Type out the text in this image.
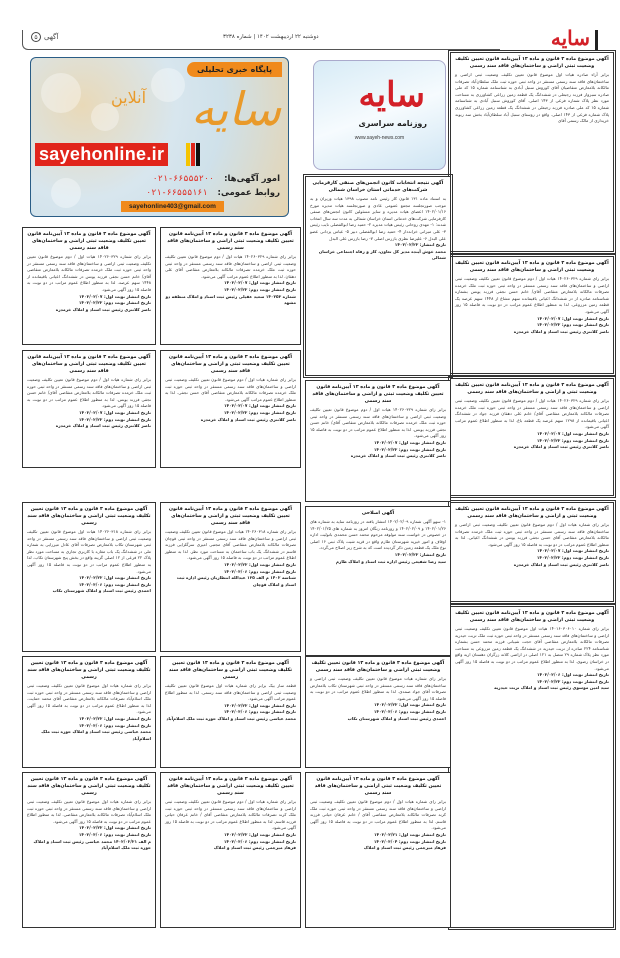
۵ آگهی	دوشنبه ۲۲ اردیبهشت ۱۴۰۲ | شماره ۳۲۳۸	سایه
پایگاه خبری تحلیلی
سایه
آنلاین
sayehonline.ir
امور آگهی‌ها:
۰۲۱-۶۶۵۵۵۲۰۰
روابط عمومی:
۰۲۱-۶۶۵۵۵۱۶۱
sayehonline403@gmail.com
سایه
روزنامه سراسری
www.sayeh-news.com
آگهی موضوع ماده ۳ قانون و ماده ۱۳ آیین‌نامه قانون تعیین تکلیف وضعیت ثبتی اراضی و ساختمان‌های فاقد سند رسمی
برابر آراء صادره هیات اول موضوع قانون تعیین تکلیف وضعیت ثبتی اراضی و ساختمان‌های فاقد سند رسمی مستقر در واحد ثبتی حوزه ثبت ملک سلطان‌آباد تصرفات مالکانه بلامعارض متقاضیان آقای کوروش سنبل آبادی به شناسنامه شماره ۱۵ کد ملی صادره سبزوار فرزند رجبعلی در ششدانگ یک قطعه زمین زراعی کشاورزی به مساحت مورد نظر پلاک شماره فرعی از ۱۴۳ اصلی. آقای کوروش سنبل آبادی به شناسنامه شماره ۱۵ کد ملی صادره فرزند رجبعلی در ششدانگ یک قطعه زمین زراعی کشاورزی پلاک شماره فرعی از ۱۴۳ اصلی. واقع در روستای سنبل آباد سلطان‌آباد بخش سه ریوند خریداری از مالک رسمی آقای
آگهی موضوع ماده ۳ قانون و ماده ۱۳ آیین‌نامه قانون تعیین تکلیف وضعیت ثبتی اراضی و ساختمان‌های فاقد سند رسمی
برابر رای شماره ۱۴۰۲۶۰۳۲۹ هیات اول / دوم موضوع قانون تعیین تکلیف وضعیت ثبتی اراضی و ساختمان‌های فاقد سند رسمی مستقر در واحد ثبتی حوزه ثبت ملک خرمده تصرفات مالکانه بلامعارض متقاضی آقای/ خانم حسن نجفی فرزند یونس بشماره شناسنامه صادره از در ششدانگ اعیانی باقیمانده سهم مشاع از ۱۴۴۸ سهم عرصه یک قطعه زمین مزروعی. لذا به منظور اطلاع عموم مراتب در دو نوبت به فاصله ۱۵ روز آگهی می‌شود.
تاریخ انتشار نوبت اول: ۱۴۰۲/۰۲/۰۷
تاریخ انتشار نوبت دوم: ۱۴۰۲/۰۲/۲۲
ناصر کلانتری رئیس ثبت اسناد و املاک خرمدره
آگهی موضوع ماده ۳ قانون و ماده ۱۳ آیین‌نامه قانون تعیین تکلیف وضعیت ثبتی و اراضی و ساختمان‌های فاقد سند رسمی
برابر رای شماره ۱۴۰۲۶۰۳۲۹ هیات اول / دوم موضوع قانون تعیین تکلیف وضعیت ثبتی اراضی و ساختمان‌های فاقد سند رسمی مستقر در واحد ثبتی حوزه ثبت ملک خرمده تصرفات مالکانه بلامعارض متقاضی آقای/ خانم علی دهقان فرزند جواد در ششدانگ اعیانی باقیمانده از ۱۲۹۸ سهم عرصه یک قطعه باغ. لذا به منظور اطلاع عموم مراتب آگهی می‌شود.
تاریخ انتشار نوبت اول: ۱۴۰۲/۰۲/۰۷
تاریخ انتشار نوبت دوم: ۱۴۰۲/۰۲/۲۲
ناصر کلانتری رئیس ثبت اسناد و املاک خرمدره
آگهی موضوع ماده ۳ قانون و ماده ۱۳ آیین‌نامه قانون تعیین تکلیف وضعیت ثبتی و اراضی و ساختمان‌های فاقد سند رسمی
برابر رای شماره هیات اول / دوم موضوع قانون تعیین تکلیف وضعیت ثبتی اراضی و ساختمان‌های فاقد سند رسمی مستقر در واحد ثبتی حوزه ثبت ملک خرمده تصرفات مالکانه بلامعارض متقاضی آقای حسن نجفی فرزند یونس در ششدانگ اعیانی. لذا به منظور اطلاع عموم مراتب در دو نوبت به فاصله ۱۵ روز آگهی می‌شود.
تاریخ انتشار نوبت اول: ۱۴۰۲/۰۲/۰۷
تاریخ انتشار نوبت دوم: ۱۴۰۲/۰۲/۲۲
ناصر کلانتری رئیس ثبت اسناد و املاک خرمدره
آگهی موضوع ماده ۳ قانون و ماده ۱۳ آیین‌نامه قانون تعیین تکلیف وضعیت ثبتی اراضی و ساختمان‌های فاقد سند رسمی
برابر رای شماره ۱۴۰۱۶۰۳۰۶۰۱۰ هیات اول موضوع قانون تعیین تکلیف وضعیت ثبتی اراضی و ساختمان‌های فاقد سند رسمی مستقر در واحد ثبتی حوزه ثبت ملک تربت حیدریه تصرفات مالکانه بلامعارض متقاضی آقای حجت شیبانی فرزند محمد حسن بشماره شناسنامه ۲۲۴ صادره از تربت حیدریه در ششدانگ یک قطعه زمین مزروعی به مساحت مورد نظر پلاک شماره ۲۹ متصل به ۱۲۱ اصلی در اراضی کلاته زرگران دهستان اریه واقع در خراسان رضوی. لذا به منظور اطلاع عموم مراتب در دو نوبت به فاصله ۱۵ روز آگهی می‌شود.
تاریخ انتشار نوبت اول: ۱۴۰۲/۰۲/۰۶
تاریخ انتشار نوبت دوم: ۱۴۰۲/۰۲/۲۲
سید امین موسوی رئیس ثبت اسناد و املاک تربت حیدریه
آگهی نتیجه انتخابات کانون انجمن‌های صنفی کارفرمایی شرکت‌های خدماتی استان خراسان شمالی
به استناد ماده ۱۳۱ قانون کار رئیس نامه مصوب ۱۳۹۸ هیات وزیران و به موجب صورتجلسه مجمع عمومی عادی و صورتجلسه هیات مدیره مورخ ۱۴۰۲/۰۱/۱۶ اعضای هیات مدیره و سایر مسئولین کانون انجمن‌های صنفی کارفرمایی شرکت‌های خدماتی استان خراسان شمالی به مدت سه سال انتخاب شدند: ۱- مهدی روحانی رئیس هیات مدیره ۲- حمید رضا ابوالفضلی نایب رئیس ۳- علی میرانی خزانه‌دار ۴- حمید رضا ابوالفضلی دبیر ۵- عباس یزدانی عضو علی البدل ۶- علیرضا نظری بازرس اصلی ۷- رضا بازرس علی البدل
تاریخ انتشار: ۱۴۰۲/۰۲/۲۲
محمد خوش آینده مدیر کل تعاون، کار و رفاه اجتماعی خراسان شمالی
آگهی موضوع ماده ۳ قانون و ماده ۱۳ آیین‌نامه قانون تعیین تکلیف وضعیت ثبتی و اراضی و ساختمان‌های فاقد سند رسمی
برابر رای شماره ۱۴۰۲۶۰۳۲۹ هیات اول / دوم موضوع قانون تعیین تکلیف وضعیت ثبتی اراضی و ساختمان‌های فاقد سند رسمی مستقر در واحد ثبتی حوزه ثبت ملک خرمده تصرفات مالکانه بلامعارض متقاضی آقای/ خانم حسن نجفی فرزند یونس. لذا به منظور اطلاع عموم مراتب در دو نوبت به فاصله ۱۵ روز آگهی می‌شود.
تاریخ انتشار نوبت اول: ۱۴۰۲/۰۲/۰۷
تاریخ انتشار نوبت دوم: ۱۴۰۲/۰۲/۲۲
ناصر کلانتری رئیس ثبت اسناد و املاک خرمدره
آگهی اصلاحی
۱- سهو آگهی شماره ۱۴۰۲/۰۲/۰۹ انتشار یافته در روزنامه سایه به شماره های ۱۴۰۲/۰۱/۲۶ و ۱۴۰۲/۰۲/۰۹ و روزنامه زنگان امروز به شماره های ۱۴۰۲/۰۱/۲۵ در خصوص در خواست سند مولوفه مرحوم محمد حسن محمدی باتولیت اداره اوقاف و امور خیریه شهرستان طارم واقع در قریه شیت پلاک ثبتی ۱۶ اصلی نوع ملک یک قطعه زمین ذکر گردیده است که به شرح زیر اصلاح می‌گردد.
تاریخ انتشار: ۱۴۰۲/۰۲/۲۲
سید رضا شفیعی رئیس اداره ثبت اسناد و املاک طارم
آگهی موضوع ماده ۳ قانون و ماده ۱۳ آیین‌نامه قانون تعیین تکلیف وضعیت ثبتی اراضی و ساختمان‌های فاقد سند رسمی
برابر رای شماره ۱۴۰۲۶۰۳۲۹ هیات اول / دوم موضوع قانون تعیین تکلیف وضعیت ثبتی اراضی و ساختمان‌های فاقد سند رسمی مستقر در واحد ثبتی حوزه ثبت ملک خرمده تصرفات مالکانه بلامعارض متقاضی آقای/ خانم حسن نجفی فرزند یونس در ششدانگ اعیانی باقیمانده از ۱۴۴۸ سهم عرصه. لذا به منظور اطلاع عموم مراتب در دو نوبت به فاصله ۱۵ روز آگهی می‌شود.
تاریخ انتشار نوبت اول: ۱۴۰۲/۰۲/۰۷
تاریخ انتشار نوبت دوم: ۱۴۰۲/۰۲/۲۲
ناصر کلانتری رئیس ثبت اسناد و املاک خرمدره
آگهی موضوع ماده ۳ قانون و ماده ۱۳ آیین‌نامه قانون تعیین تکلیف وضعیت ثبتی اراضی و ساختمان‌های فاقد سند رسمی
برابر رای شماره ۱۴۰۲۶۰۳۲۹ هیات اول / دوم موضوع قانون تعیین تکلیف وضعیت ثبتی اراضی و ساختمان‌های فاقد سند رسمی مستقر در واحد ثبتی حوزه ثبت ملک خرمده تصرفات مالکانه بلامعارض متقاضی آقای علی دهقان. لذا به منظور اطلاع عموم مراتب آگهی می‌شود.
تاریخ انتشار نوبت اول: ۱۴۰۲/۰۲/۰۷
تاریخ انتشار نوبت دوم: ۱۴۰۲/۰۲/۲۲
شماره ۱۴۰۲۵۳ سعید عقیلی رئیس ثبت اسناد و املاک منطقه دو مشهد
آگهی موضوع ماده ۳ قانون و ماده ۱۳ آیین‌نامه قانون تعیین تکلیف وضعیت ثبتی اراضی و ساختمان‌های فاقد سند رسمی
برابر رای شماره هیات اول / دوم موضوع قانون تعیین تکلیف وضعیت ثبتی اراضی و ساختمان‌های فاقد سند رسمی مستقر در واحد ثبتی حوزه ثبت ملک خرمده تصرفات مالکانه بلامعارض متقاضی آقای/ خانم حسن نجفی فرزند یونس. لذا به منظور اطلاع عموم مراتب در دو نوبت به فاصله ۱۵ روز آگهی می‌شود.
تاریخ انتشار نوبت اول: ۱۴۰۲/۰۲/۰۷
تاریخ انتشار نوبت دوم: ۱۴۰۲/۰۲/۲۲
ناصر کلانتری رئیس ثبت اسناد و املاک خرمدره
آگهی موضوع ماده ۳ قانون و ماده ۱۳ آیین‌نامه قانون تعیین تکلیف وضعیت ثبتی و اراضی و ساختمان‌های فاقد سند رسمی
برابر رای شماره هیات اول / دوم موضوع قانون تعیین تکلیف وضعیت ثبتی اراضی و ساختمان‌های فاقد سند رسمی مستقر در واحد ثبتی حوزه ثبت ملک خرمده تصرفات مالکانه بلامعارض متقاضی آقای حسن نجفی. لذا به منظور اطلاع عموم مراتب آگهی می‌شود.
تاریخ انتشار نوبت اول: ۱۴۰۲/۰۲/۰۷
تاریخ انتشار نوبت دوم: ۱۴۰۲/۰۲/۲۲
ناصر کلانتری رئیس ثبت اسناد و املاک خرمدره
آگهی موضوع ماده ۳ قانون و ماده ۱۳ قانون تعیین تکلیف وضعیت ثبتی اراضی و ساختمان‌های فاقد سند رسمی
برابر رای شماره ۱۴۰۲۶۰۳۱۸ هیات اول موضوع قانون تعیین تکلیف وضعیت ثبتی اراضی و ساختمان‌های فاقد سند رسمی مستقر در واحد ثبتی شهرستان تکاب بلامعارض تصرفات آقای عادل میرزایی به شماره ملی در ششدانگ یک باب مغازه با کاربری تجاری به مساحت مورد نظر پلاک ۲۲ فرعی از ۱۲ اصلی گزینه واقع در بخش پنج شهرستان تکاب. لذا به منظور اطلاع عموم مراتب در دو نوبت به فاصله ۱۵ روز آگهی می‌شود.
تاریخ انتشار نوبت اول: ۱۴۰۲/۰۲/۲۲
تاریخ انتشار نوبت دوم: ۱۴۰۲/۰۳/۰۶
احمدی رئیس ثبت اسناد و املاک شهرستان تکاب
آگهی موضوع ماده ۳ قانون و ماده ۱۳ آیین‌نامه قانون تعیین تکلیف وضعیت ثبتی و اراضی و ساختمان‌های فاقد سند رسمی
برابر رای شماره ۱۴۰۲۶۰۳۱۸ هیات اول موضوع قانون تعیین تکلیف وضعیت ثبتی اراضی و ساختمان‌های فاقد سند رسمی مستقر در واحد ثبتی قوچان تصرفات مالکانه بلامعارض متقاضی آقای مجتبی امیری سرگلزایی فرزند قاسم در ششدانگ یک باب ساختمان به مساحت مورد نظر. لذا به منظور اطلاع عموم مراتب در دو نوبت به فاصله ۱۵ روز آگهی می‌شود.
تاریخ انتشار نوبت اول: ۱۴۰۲/۰۲/۲۲
تاریخ انتشار نوبت دوم: ۱۴۰۲/۰۳/۰۶
شناسه ۱۴۰۲ م الف ۱۳۵ عبدالله انتظاریان رئیس اداره ثبت اسناد و املاک قوچان
آگهی موضوع ماده ۳ قانون و ماده ۱۳ قانون تعیین تکلیف وضعیت ثبتی اراضی و ساختمان‌های فاقد سند رسمی
برابر رای شماره هیات اول موضوع قانون تعیین تکلیف وضعیت ثبتی اراضی و ساختمان‌های فاقد سند رسمی مستقر در واحد ثبتی حوزه ثبت ملک اسلام‌آباد تصرفات مالکانه بلامعارض متقاضی آقای محمد حمایت. لذا به منظور اطلاع عموم مراتب در دو نوبت به فاصله ۱۵ روز آگهی می‌شود.
تاریخ انتشار نوبت اول: ۱۴۰۲/۰۲/۲۲
تاریخ انتشار نوبت دوم: ۱۴۰۲/۰۳/۰۶
محمد عباسی رئیس ثبت اسناد و املاک حوزه ثبت ملک اسلام‌آباد
آگهی موضوع ماده ۳ قانون و ماده ۱۳ قانون تعیین تکلیف وضعیت ثبتی اراضی و ساختمان‌های فاقد سند رسمی
قطعه ساز بیک برابر رای شماره هیات اول موضوع قانون تعیین تکلیف وضعیت ثبتی اراضی و ساختمان‌های فاقد سند رسمی. لذا به منظور اطلاع عموم مراتب آگهی می‌شود.
تاریخ انتشار نوبت اول: ۱۴۰۲/۰۲/۲۲
تاریخ انتشار نوبت دوم: ۱۴۰۲/۰۳/۰۶
محمد عباسی رئیس ثبت اسناد و املاک حوزه ثبت ملک اسلام‌آباد
آگهی موضوع ماده ۳ قانون و ماده ۱۳ قانون تعیین تکلیف وضعیت ثبتی اراضی و ساختمان‌های فاقد سند رسمی
برابر رای شماره هیات موضوع قانون تعیین تکلیف وضعیت ثبتی اراضی و ساختمان‌های فاقد سند رسمی مستقر در واحد ثبتی شهرستان تکاب بلامعارض تصرفات آقای جواد صمدی. لذا به منظور اطلاع عموم مراتب در دو نوبت به فاصله ۱۵ روز آگهی می‌شود.
تاریخ انتشار نوبت اول: ۱۴۰۲/۰۲/۲۲
تاریخ انتشار نوبت دوم: ۱۴۰۲/۰۳/۰۶
احمدی رئیس ثبت اسناد و املاک شهرستان تکاب
آگهی موضوع ماده ۳ قانون و ماده ۱۳ قانون تعیین تکلیف وضعیت ثبتی اراضی و ساختمان‌های فاقد سند رسمی
برابر رای شماره هیات اول موضوع قانون تعیین تکلیف وضعیت ثبتی اراضی و ساختمان‌های فاقد سند رسمی مستقر در واحد ثبتی حوزه ثبت ملک اسلام‌آباد تصرفات مالکانه بلامعارض متقاضی. لذا به منظور اطلاع عموم مراتب در دو نوبت به فاصله ۱۵ روز آگهی می‌شود.
تاریخ انتشار نوبت اول: ۱۴۰۲/۰۲/۲۲
تاریخ انتشار نوبت دوم: ۱۴۰۲/۰۳/۰۶
م الف ۱۴۰۲/۰۲/۲۱ محمد عباسی رئیس ثبت اسناد و املاک حوزه ثبت ملک اسلام‌آباد
آگهی موضوع ماده ۳ قانون و ماده ۱۳ آیین‌نامه قانون تعیین تکلیف وضعیت ثبتی اراضی و ساختمان‌های فاقد سند رسمی
برابر رای شماره هیات اول / دوم موضوع قانون تعیین تکلیف وضعیت ثبتی اراضی و ساختمان‌های فاقد سند رسمی مستقر در واحد ثبتی حوزه ثبت ملک کرند تصرفات مالکانه بلامعارض متقاضی آقای / خانم عرفان حیاتی فرزند قاسم. لذا به منظور اطلاع عموم مراتب در دو نوبت به فاصله ۱۵ روز آگهی می‌شود.
تاریخ انتشار نوبت اول: ۱۴۰۲/۰۲/۲۲
تاریخ انتشار نوبت دوم: ۱۴۰۲/۰۳/۰۶
فرهاد میرجمی رئیس ثبت اسناد و املاک
آگهی موضوع ماده ۳ قانون و ماده ۱۳ آیین‌نامه قانون تعیین تکلیف وضعیت ثبتی اراضی و ساختمان‌های فاقد سند رسمی
برابر رای شماره هیات اول / دوم موضوع قانون تعیین تکلیف وضعیت ثبتی اراضی و ساختمان‌های فاقد سند رسمی مستقر در واحد ثبتی حوزه ثبت ملک کرند تصرفات مالکانه بلامعارض متقاضی آقای / خانم عرفان حیاتی فرزند قاسم. لذا به منظور اطلاع عموم مراتب در دو نوبت به فاصله ۱۵ روز آگهی می‌شود.
تاریخ انتشار نوبت اول: ۱۴۰۲/۰۲/۲۱
تاریخ انتشار نوبت دوم: ۱۴۰۲/۰۳/۰۴
فرهاد میرجمی رئیس ثبت اسناد و املاک
